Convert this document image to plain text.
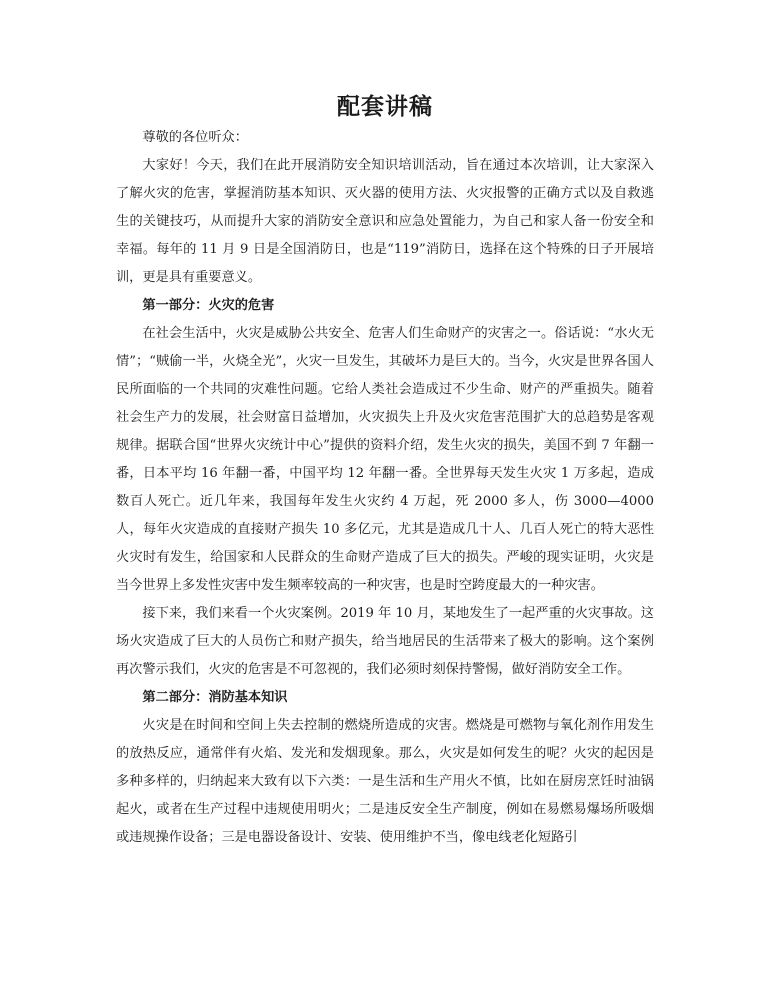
配套讲稿

尊敬的各位听众：

大家好！今天，我们在此开展消防安全知识培训活动，旨在通过本次培训，让大家深入了解火灾的危害，掌握消防基本知识、灭火器的使用方法、火灾报警的正确方式以及自救逃生的关键技巧，从而提升大家的消防安全意识和应急处置能力，为自己和家人备一份安全和幸福。每年的 11 月 9 日是全国消防日，也是“119”消防日，选择在这个特殊的日子开展培训，更是具有重要意义。

第一部分：火灾的危害

在社会生活中，火灾是威胁公共安全、危害人们生命财产的灾害之一。俗话说：“水火无情”；“贼偷一半，火烧全光”，火灾一旦发生，其破坏力是巨大的。当今，火灾是世界各国人民所面临的一个共同的灾难性问题。它给人类社会造成过不少生命、财产的严重损失。随着社会生产力的发展，社会财富日益增加，火灾损失上升及火灾危害范围扩大的总趋势是客观规律。据联合国“世界火灾统计中心”提供的资料介绍，发生火灾的损失，美国不到 7 年翻一番，日本平均 16 年翻一番，中国平均 12 年翻一番。全世界每天发生火灾 1 万多起，造成数百人死亡。近几年来，我国每年发生火灾约 4 万起，死 2000 多人，伤 3000—4000 人，每年火灾造成的直接财产损失 10 多亿元，尤其是造成几十人、几百人死亡的特大恶性火灾时有发生，给国家和人民群众的生命财产造成了巨大的损失。严峻的现实证明，火灾是当今世界上多发性灾害中发生频率较高的一种灾害，也是时空跨度最大的一种灾害。

接下来，我们来看一个火灾案例。2019 年 10 月，某地发生了一起严重的火灾事故。这场火灾造成了巨大的人员伤亡和财产损失，给当地居民的生活带来了极大的影响。这个案例再次警示我们，火灾的危害是不可忽视的，我们必须时刻保持警惕，做好消防安全工作。

第二部分：消防基本知识

火灾是在时间和空间上失去控制的燃烧所造成的灾害。燃烧是可燃物与氧化剂作用发生的放热反应，通常伴有火焰、发光和发烟现象。那么，火灾是如何发生的呢？火灾的起因是多种多样的，归纳起来大致有以下六类：一是生活和生产用火不慎，比如在厨房烹饪时油锅起火，或者在生产过程中违规使用明火；二是违反安全生产制度，例如在易燃易爆场所吸烟或违规操作设备；三是电器设备设计、安装、使用维护不当，像电线老化短路引
